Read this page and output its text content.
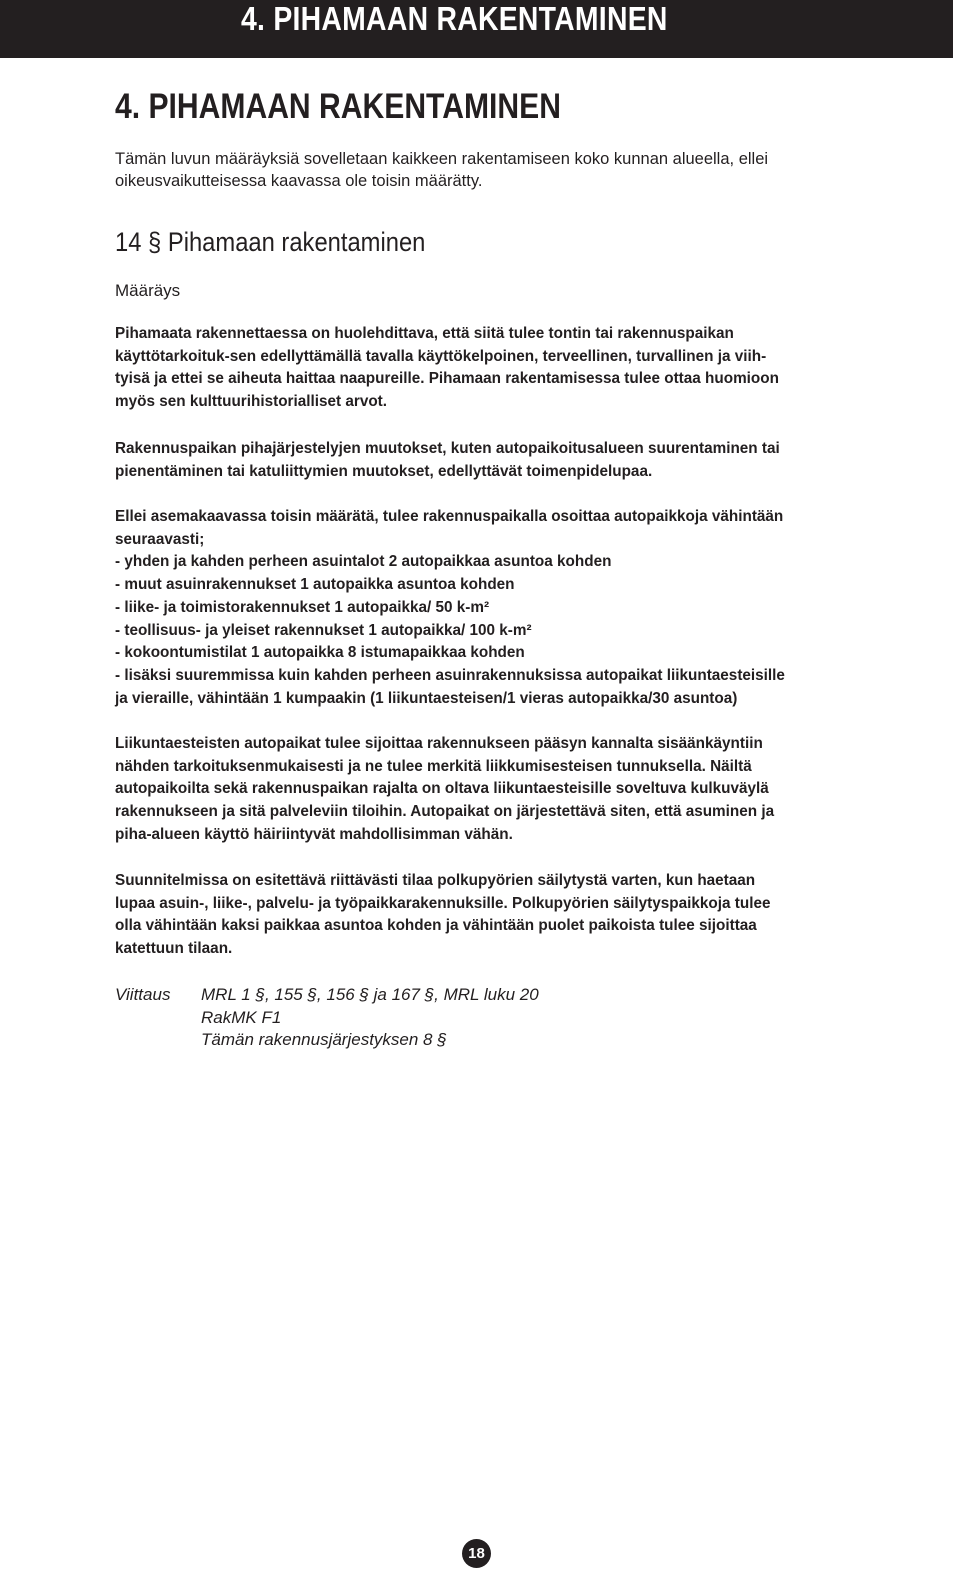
4. PIHAMAAN RAKENTAMINEN
4. PIHAMAAN RAKENTAMINEN

Tämän luvun määräyksiä sovelletaan kaikkeen rakentamiseen koko kunnan alueella, ellei oikeusvaikutteisessa kaavassa ole toisin määrätty.

14 § Pihamaan rakentaminen

Määräys

Pihamaata rakennettaessa on huolehdittava, että siitä tulee tontin tai rakennuspaikan
käyttötarkoituk-sen edellyttämällä tavalla käyttökelpoinen, terveellinen, turvallinen ja viih-
tyisä ja ettei se aiheuta haittaa naapureille. Pihamaan rakentamisessa tulee ottaa huomioon
myös sen kulttuurihistorialliset arvot.
Rakennuspaikan pihajärjestelyjen muutokset, kuten autopaikoitusalueen suurentaminen tai
pienentäminen tai katuliittymien muutokset, edellyttävät toimenpidelupaa.
Ellei asemakaavassa toisin määrätä, tulee rakennuspaikalla osoittaa autopaikkoja vähintään
seuraavasti;
- yhden ja kahden perheen asuintalot 2 autopaikkaa asuntoa kohden
- muut asuinrakennukset 1 autopaikka asuntoa kohden
- liike- ja toimistorakennukset 1 autopaikka/ 50 k-m²
- teollisuus- ja yleiset rakennukset 1 autopaikka/ 100 k-m²
- kokoontumistilat 1 autopaikka 8 istumapaikkaa kohden
- lisäksi suuremmissa kuin kahden perheen asuinrakennuksissa autopaikat liikuntaesteisille
ja vieraille, vähintään 1 kumpaakin (1 liikuntaesteisen/1 vieras autopaikka/30 asuntoa)
Liikuntaesteisten autopaikat tulee sijoittaa rakennukseen pääsyn kannalta sisäänkäyntiin
nähden tarkoituksenmukaisesti ja ne tulee merkitä liikkumisesteisen tunnuksella. Näiltä
autopaikoilta sekä rakennuspaikan rajalta on oltava liikuntaesteisille soveltuva kulkuväylä
rakennukseen ja sitä palveleviin tiloihin. Autopaikat on järjestettävä siten, että asuminen ja
piha-alueen käyttö häiriintyvät mahdollisimman vähän.
Suunnitelmissa on esitettävä riittävästi tilaa polkupyörien säilytystä varten, kun haetaan
lupaa asuin-, liike-, palvelu- ja työpaikkarakennuksille. Polkupyörien säilytyspaikkoja tulee
olla vähintään kaksi paikkaa asuntoa kohden ja vähintään puolet paikoista tulee sijoittaa
katettuun tilaan.
Viittaus MRL 1 §, 155 §, 156 § ja 167 §, MRL luku 20
RakMK F1
Tämän rakennusjärjestyksen 8 §
18
